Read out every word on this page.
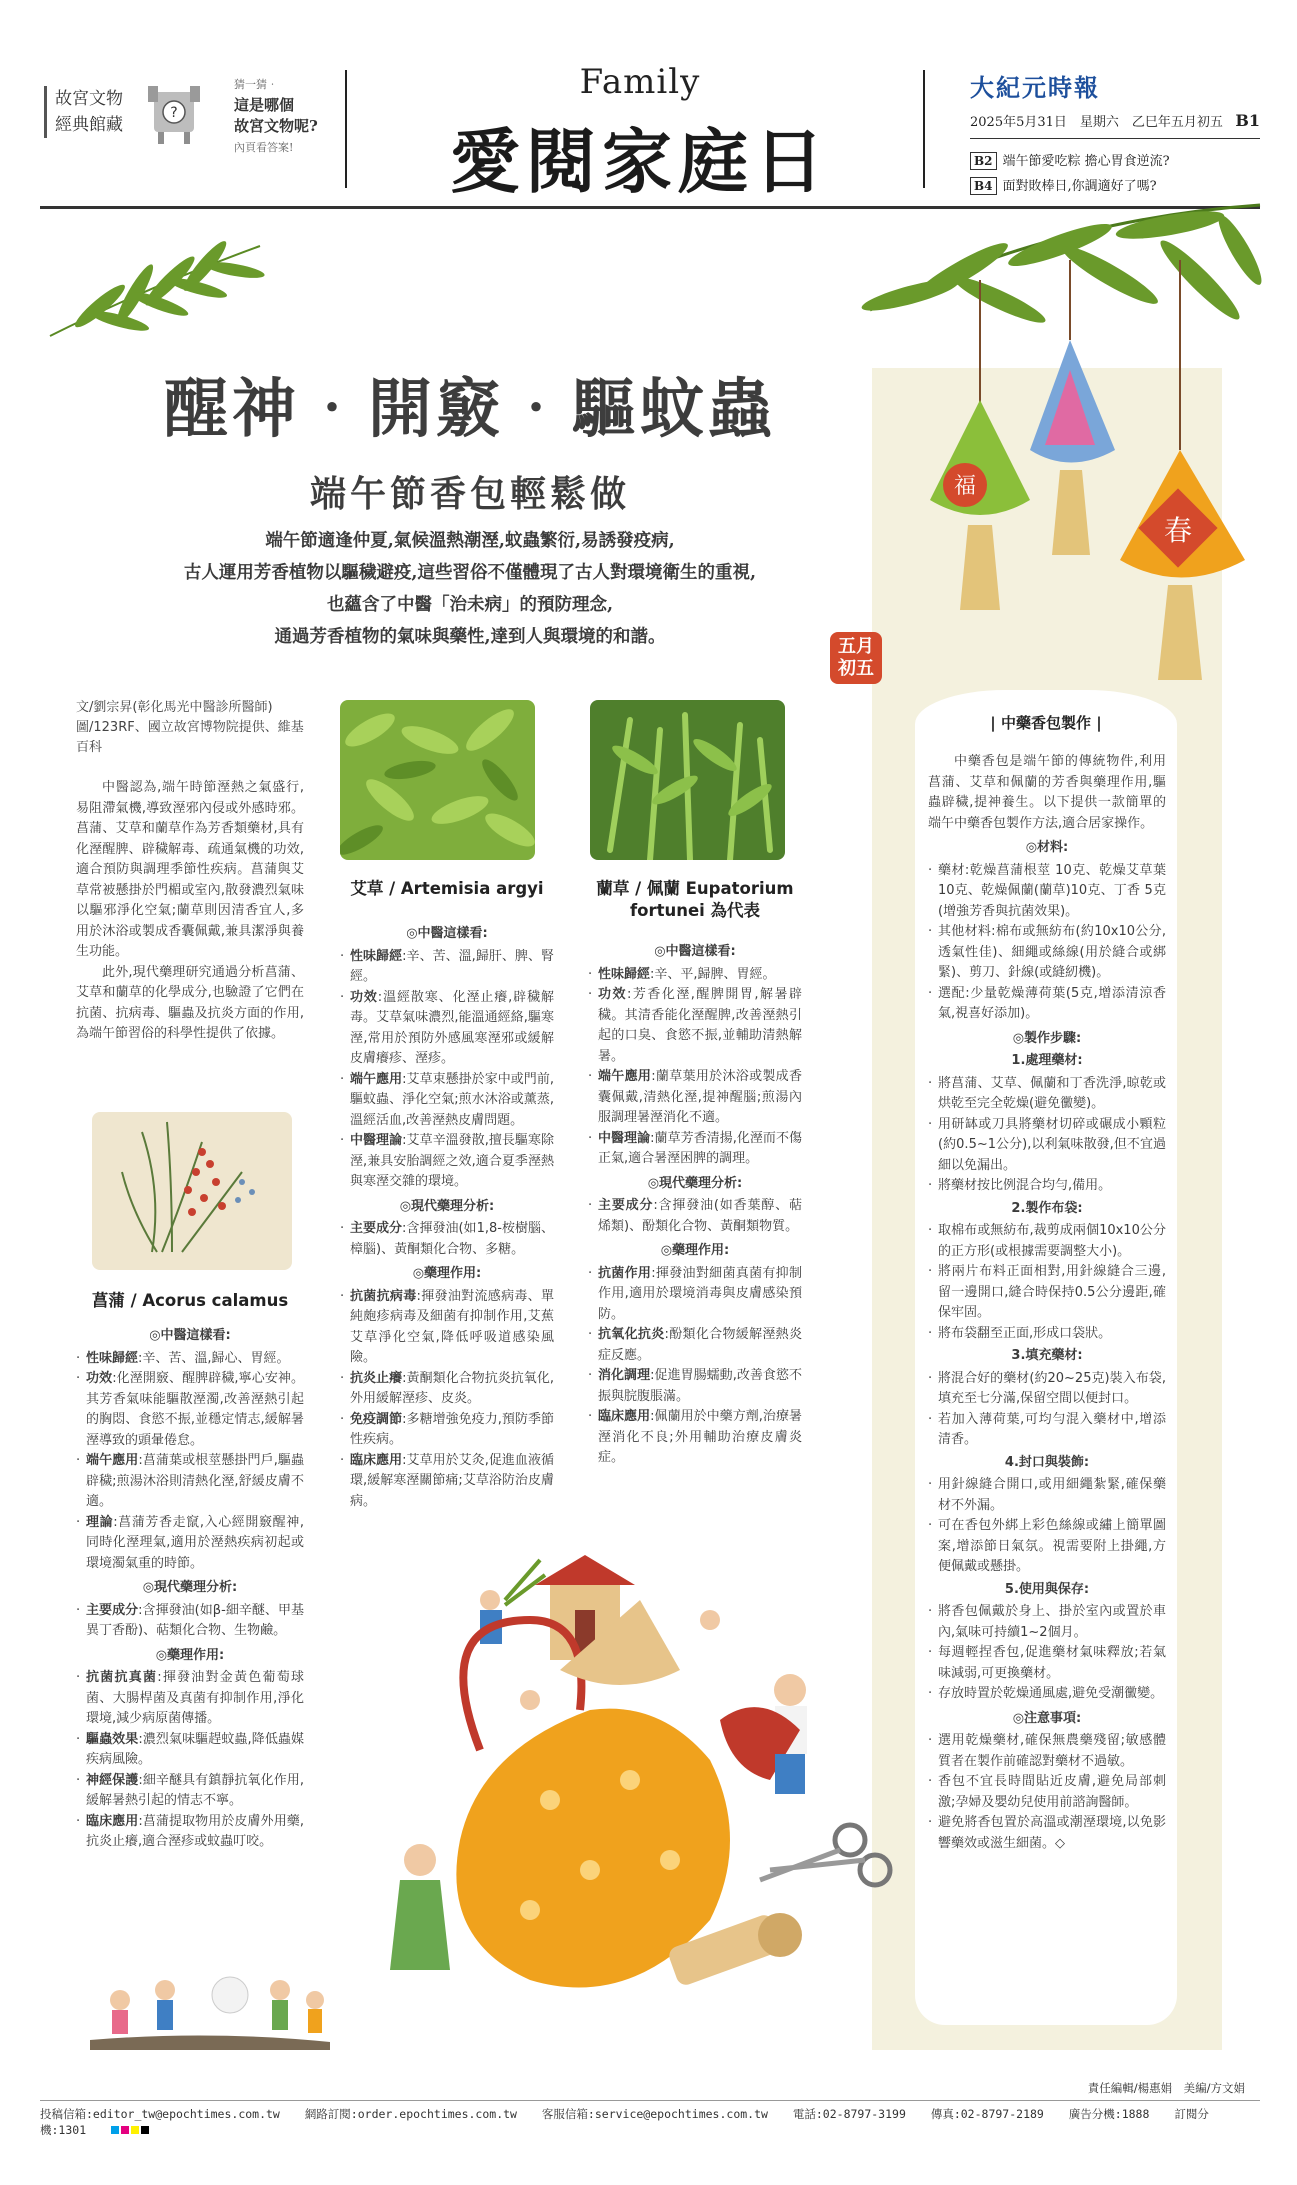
故宮文物
經典館藏
?
猜一猜‧
這是哪個
故宮文物呢?
內頁看答案!
Family
愛閱家庭日
大紀元時報
2025年5月31日　星期六　乙巳年五月初五 B1
B2 端午節愛吃粽 擔心胃食逆流?
B4 面對敗棒日,你調適好了嗎?
福
春
醒神‧開竅‧驅蚊蟲
端午節香包輕鬆做
端午節適逢仲夏,氣候溫熱潮溼,蚊蟲繁衍,易誘發疫病,
古人運用芳香植物以驅穢避疫,這些習俗不僅體現了古人對環境衛生的重視,
也蘊含了中醫「治未病」的預防理念,
通過芳香植物的氣味與藥性,達到人與環境的和諧。	五月
初五
文/劉宗昇(彰化馬光中醫診所醫師)
圖/123RF、國立故宮博物院提供、維基百科

中醫認為,端午時節溼熱之氣盛行,易阻滯氣機,導致溼邪內侵或外感時邪。菖蒲、艾草和蘭草作為芳香類藥材,具有化溼醒脾、辟穢解毒、疏通氣機的功效,適合預防與調理季節性疾病。菖蒲與艾草常被懸掛於門楣或室內,散發濃烈氣味以驅邪淨化空氣;蘭草則因清香宜人,多用於沐浴或製成香囊佩戴,兼具潔淨與養生功能。

此外,現代藥理研究通過分析菖蒲、艾草和蘭草的化學成分,也驗證了它們在抗菌、抗病毒、驅蟲及抗炎方面的作用,為端午節習俗的科學性提供了依據。

菖蒲 / Acorus calamus
◎中醫這樣看:
‧ 性味歸經:辛、苦、溫,歸心、胃經。
‧ 功效:化溼開竅、醒脾辟穢,寧心安神。其芳香氣味能驅散溼濁,改善溼熱引起的胸悶、食慾不振,並穩定情志,緩解暑溼導致的頭暈倦怠。
‧ 端午應用:菖蒲葉或根莖懸掛門戶,驅蟲辟穢;煎湯沐浴則清熱化溼,舒緩皮膚不適。
‧ 理論:菖蒲芳香走竄,入心經開竅醒神,同時化溼理氣,適用於溼熱疾病初起或環境濁氣重的時節。
◎現代藥理分析:
‧ 主要成分:含揮發油(如β-細辛醚、甲基異丁香酚)、萜類化合物、生物鹼。
◎藥理作用:
‧ 抗菌抗真菌:揮發油對金黃色葡萄球菌、大腸桿菌及真菌有抑制作用,淨化環境,減少病原菌傳播。
‧ 驅蟲效果:濃烈氣味驅趕蚊蟲,降低蟲媒疾病風險。
‧ 神經保護:細辛醚具有鎮靜抗氧化作用,緩解暑熱引起的情志不寧。
‧ 臨床應用:菖蒲提取物用於皮膚外用藥,抗炎止癢,適合溼疹或蚊蟲叮咬。
艾草 / Artemisia argyi
◎中醫這樣看:
‧ 性味歸經:辛、苦、溫,歸肝、脾、腎經。
‧ 功效:溫經散寒、化溼止癢,辟穢解毒。艾草氣味濃烈,能溫通經絡,驅寒溼,常用於預防外感風寒溼邪或緩解皮膚癢疹、溼疹。
‧ 端午應用:艾草束懸掛於家中或門前,驅蚊蟲、淨化空氣;煎水沐浴或薰蒸,溫經活血,改善溼熱皮膚問題。
‧ 中醫理論:艾草辛溫發散,擅長驅寒除溼,兼具安胎調經之效,適合夏季溼熱與寒溼交雜的環境。
◎現代藥理分析:
‧ 主要成分:含揮發油(如1,8-桉樹腦、樟腦)、黃酮類化合物、多糖。
◎藥理作用:
‧ 抗菌抗病毒:揮發油對流感病毒、單純皰疹病毒及細菌有抑制作用,艾蕉艾草淨化空氣,降低呼吸道感染風險。
‧ 抗炎止癢:黃酮類化合物抗炎抗氧化,外用緩解溼疹、皮炎。
‧ 免疫調節:多糖增強免疫力,預防季節性疾病。
‧ 臨床應用:艾草用於艾灸,促進血液循環,緩解寒溼關節痛;艾草浴防治皮膚病。
蘭草 / 佩蘭 Eupatorium fortunei 為代表
◎中醫這樣看:
‧ 性味歸經:辛、平,歸脾、胃經。
‧ 功效:芳香化溼,醒脾開胃,解暑辟穢。其清香能化溼醒脾,改善溼熱引起的口臭、食慾不振,並輔助清熱解暑。
‧ 端午應用:蘭草葉用於沐浴或製成香囊佩戴,清熱化溼,提神醒腦;煎湯內服調理暑溼消化不適。
‧ 中醫理論:蘭草芳香清揚,化溼而不傷正氣,適合暑溼困脾的調理。
◎現代藥理分析:
‧ 主要成分:含揮發油(如香葉醇、萜烯類)、酚類化合物、黃酮類物質。
◎藥理作用:
‧ 抗菌作用:揮發油對細菌真菌有抑制作用,適用於環境消毒與皮膚感染預防。
‧ 抗氧化抗炎:酚類化合物緩解溼熱炎症反應。
‧ 消化調理:促進胃腸蠕動,改善食慾不振與脘腹脹滿。
‧ 臨床應用:佩蘭用於中藥方劑,治療暑溼消化不良;外用輔助治療皮膚炎症。
| 中藥香包製作 |

中藥香包是端午節的傳統物件,利用菖蒲、艾草和佩蘭的芳香與藥理作用,驅蟲辟穢,提神養生。以下提供一款簡單的端午中藥香包製作方法,適合居家操作。

◎材料:
‧ 藥材:乾燥菖蒲根莖 10克、乾燥艾草葉 10克、乾燥佩蘭(蘭草)10克、丁香 5克(增強芳香與抗菌效果)。
‧ 其他材料:棉布或無紡布(約10x10公分,透氣性佳)、細繩或絲線(用於縫合或綁緊)、剪刀、針線(或縫紉機)。
‧ 選配:少量乾燥薄荷葉(5克,增添清涼香氣,視喜好添加)。
◎製作步驟:
1.處理藥材:
‧ 將菖蒲、艾草、佩蘭和丁香洗淨,晾乾或烘乾至完全乾燥(避免黴變)。
‧ 用研缽或刀具將藥材切碎或碾成小顆粒(約0.5~1公分),以利氣味散發,但不宜過細以免漏出。
‧ 將藥材按比例混合均勻,備用。
2.製作布袋:
‧ 取棉布或無紡布,裁剪成兩個10x10公分的正方形(或根據需要調整大小)。
‧ 將兩片布料正面相對,用針線縫合三邊,留一邊開口,縫合時保持0.5公分邊距,確保牢固。
‧ 將布袋翻至正面,形成口袋狀。
3.填充藥材:
‧ 將混合好的藥材(約20~25克)裝入布袋,填充至七分滿,保留空間以便封口。
‧ 若加入薄荷葉,可均勻混入藥材中,增添清香。
4.封口與裝飾:
‧ 用針線縫合開口,或用細繩紮緊,確保藥材不外漏。
‧ 可在香包外綁上彩色絲線或繡上簡單圖案,增添節日氣氛。視需要附上掛繩,方便佩戴或懸掛。
5.使用與保存:
‧ 將香包佩戴於身上、掛於室內或置於車內,氣味可持續1~2個月。
‧ 每週輕捏香包,促進藥材氣味釋放;若氣味減弱,可更換藥材。
‧ 存放時置於乾燥通風處,避免受潮黴變。
◎注意事項:
‧ 選用乾燥藥材,確保無農藥殘留;敏感體質者在製作前確認對藥材不過敏。
‧ 香包不宜長時間貼近皮膚,避免局部刺激;孕婦及嬰幼兒使用前諮詢醫師。
‧ 避免將香包置於高溫或潮溼環境,以免影響藥效或滋生細菌。◇
責任編輯/楊惠娟　美編/方文娟
投稿信箱:editor_tw@epochtimes.com.tw 網路訂閱:order.epochtimes.com.tw 客服信箱:service@epochtimes.com.tw 電話:02-8797-3199 傳真:02-8797-2189 廣告分機:1888 訂閱分機:1301
